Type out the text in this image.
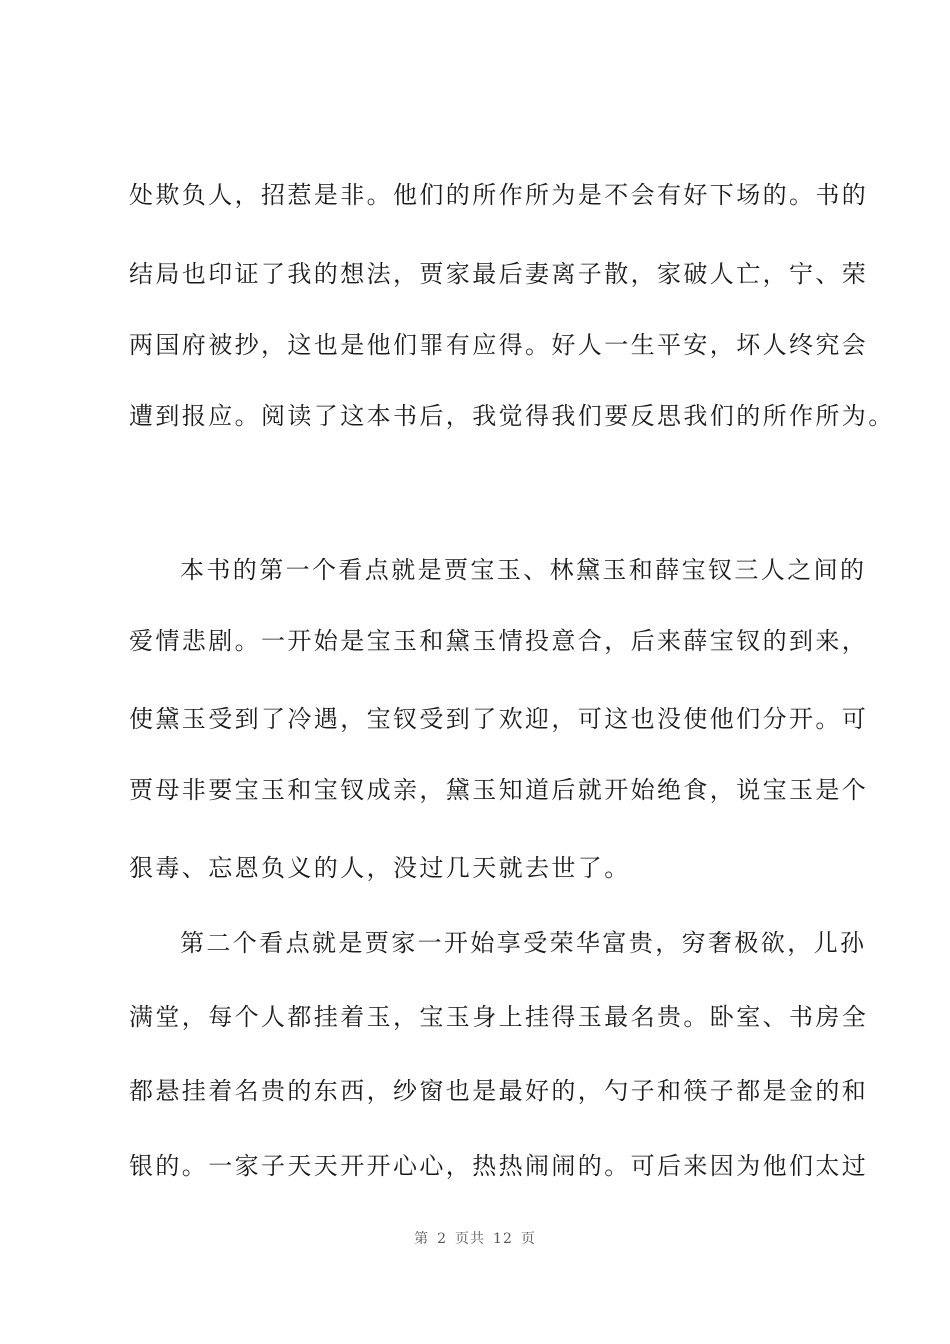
处欺负人，招惹是非。他们的所作所为是不会有好下场的。书的
结局也印证了我的想法，贾家最后妻离子散，家破人亡，宁、荣
两国府被抄，这也是他们罪有应得。好人一生平安，坏人终究会
遭到报应。阅读了这本书后，我觉得我们要反思我们的所作所为。
本书的第一个看点就是贾宝玉、林黛玉和薛宝钗三人之间的
爱情悲剧。一开始是宝玉和黛玉情投意合，后来薛宝钗的到来，
使黛玉受到了冷遇，宝钗受到了欢迎，可这也没使他们分开。可
贾母非要宝玉和宝钗成亲，黛玉知道后就开始绝食，说宝玉是个
狠毒、忘恩负义的人，没过几天就去世了。
第二个看点就是贾家一开始享受荣华富贵，穷奢极欲，儿孙
满堂，每个人都挂着玉，宝玉身上挂得玉最名贵。卧室、书房全
都悬挂着名贵的东西，纱窗也是最好的，勺子和筷子都是金的和
银的。一家子天天开开心心，热热闹闹的。可后来因为他们太过
第 2 页共 12 页
